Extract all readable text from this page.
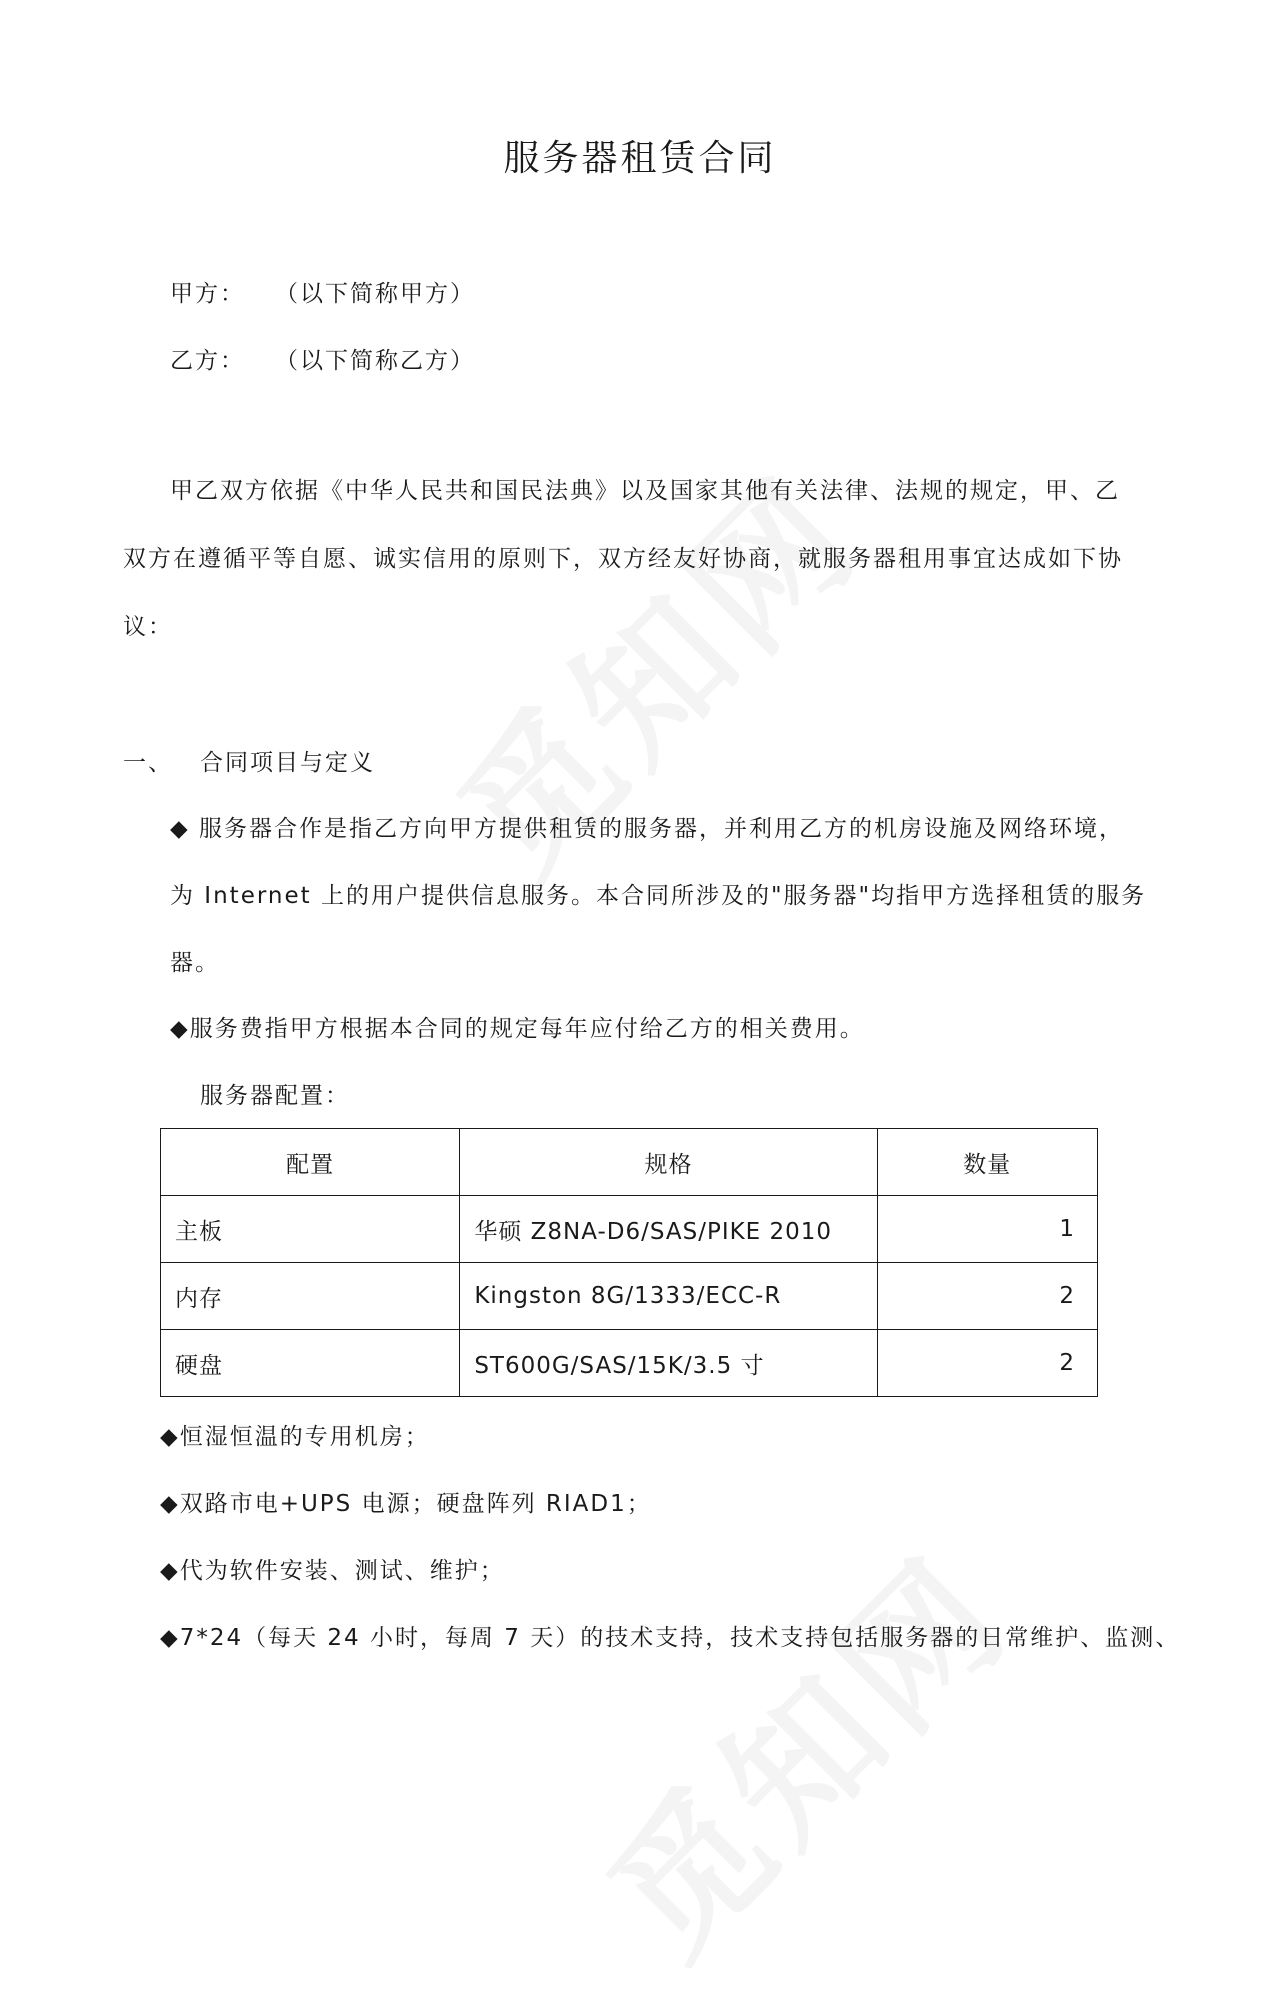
服务器租赁合同
甲方： （以下简称甲方）
乙方： （以下简称乙方）
甲乙双方依据《中华人民共和国民法典》以及国家其他有关法律、法规的规定，甲、乙
双方在遵循平等自愿、诚实信用的原则下，双方经友好协商，就服务器租用事宜达成如下协
议：
一、 合同项目与定义
◆ 服务器合作是指乙方向甲方提供租赁的服务器，并利用乙方的机房设施及网络环境，
为 Internet 上的用户提供信息服务。本合同所涉及的"服务器"均指甲方选择租赁的服务
器。
◆服务费指甲方根据本合同的规定每年应付给乙方的相关费用。
服务器配置：
配置	规格	数量
主板	华硕 Z8NA-D6/SAS/PIKE 2010	1
内存	Kingston 8G/1333/ECC-R	2
硬盘	ST600G/SAS/15K/3.5 寸	2
◆恒湿恒温的专用机房；
◆双路市电+UPS 电源；硬盘阵列 RIAD1；
◆代为软件安装、测试、维护；
◆7*24（每天 24 小时，每周 7 天）的技术支持，技术支持包括服务器的日常维护、监测、
